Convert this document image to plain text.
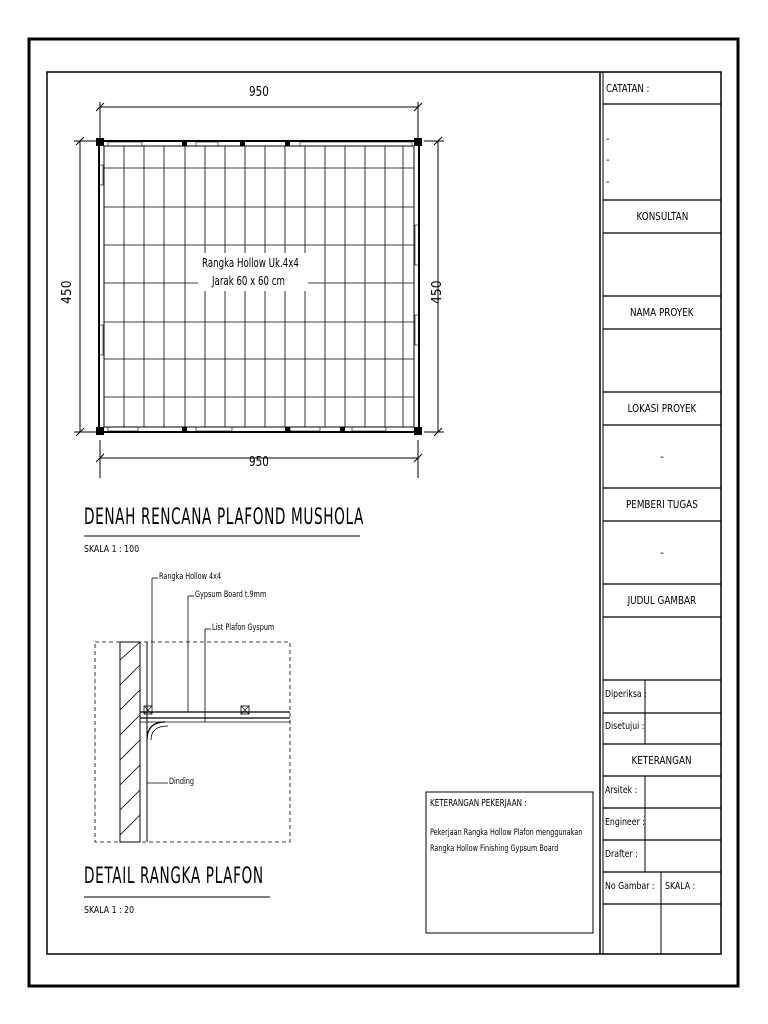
950
950
450	450
Rangka Hollow Uk.4x4
Jarak 60 x 60 cm
DENAH RENCANA PLAFOND MUSHOLA
SKALA 1 : 100
Rangka Hollow 4x4
Gypsum Board t.9mm
List Plafon Gyspum
Dinding
DETAIL RANGKA PLAFON
SKALA 1 : 20
KETERANGAN PEKERJAAN :
Pekerjaan Rangka Hollow Plafon menggunakan
Rangka Hollow Finishing Gypsum Board
CATATAN :
-
-
-
KONSULTAN
NAMA PROYEK
LOKASI PROYEK
-
PEMBERI TUGAS
-
JUDUL GAMBAR
Diperiksa :
Disetujui :
KETERANGAN
Arsitek :
Engineer :
Drafter :
No Gambar : SKALA :
